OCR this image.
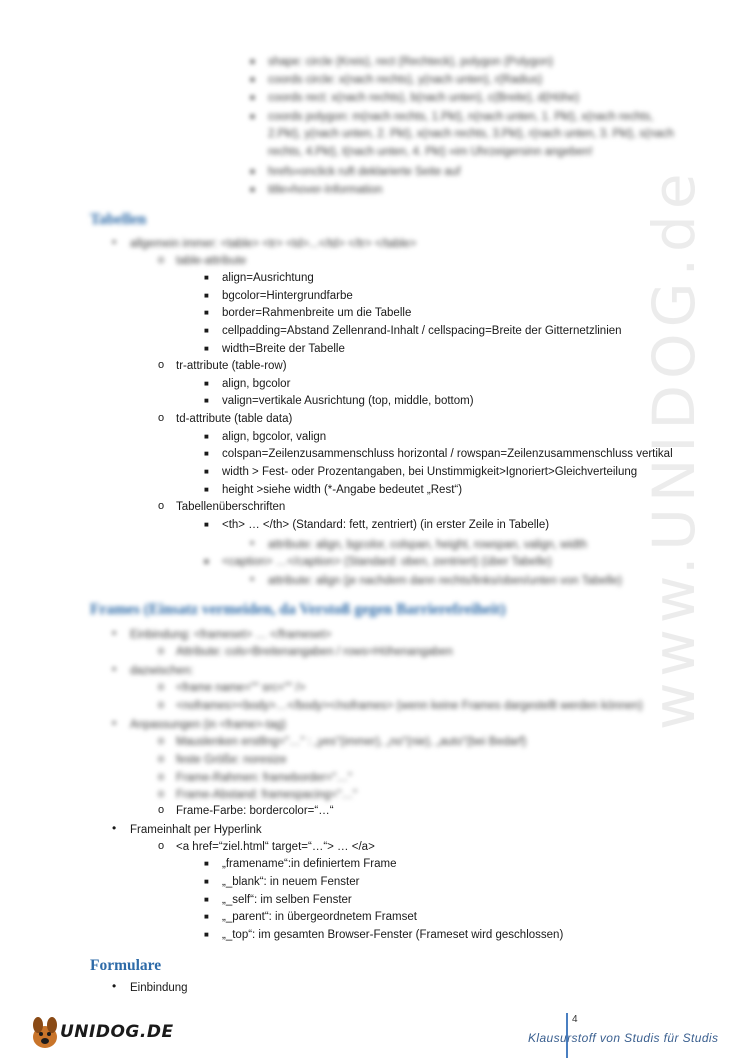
www.UNIDOG.de
■ shape: circle (Kreis), rect (Rechteck), polygon (Polygon)
■ coords circle: x(nach rechts), y(nach unten), r(Radius)
■ coords rect: x(nach rechts), b(nach unten), c(Breite), d(Höhe)
■ coords polygon: m(nach rechts, 1.Pkt), n(nach unten, 1. Pkt), x(nach rechts,
2.Pkt), y(nach unten, 2. Pkt), x(nach rechts, 3.Pkt), r(nach unten, 3. Pkt), s(nach
rechts, 4.Pkt), t(nach unten, 4. Pkt) »im Uhrzeigersinn angeben!
■ hrefs»onclick ruft deklarierte Seite auf
■ title»hover-Information
Tabellen
• allgemein immer: <table> <tr> <td>...</td> </tr> </table>
o table-attribute
■ align=Ausrichtung
■ bgcolor=Hintergrundfarbe
■ border=Rahmenbreite um die Tabelle
■ cellpadding=Abstand Zellenrand-Inhalt / cellspacing=Breite der Gitternetzlinien
■ width=Breite der Tabelle
o tr-attribute (table-row)
■ align, bgcolor
■ valign=vertikale Ausrichtung (top, middle, bottom)
o td-attribute (table data)
■ align, bgcolor, valign
■ colspan=Zeilenzusammenschluss horizontal / rowspan=Zeilenzusammenschluss vertikal
■ width > Fest- oder Prozentangaben, bei Unstimmigkeit>Ignoriert>Gleichverteilung
■ height >siehe width (*-Angabe bedeutet „Rest“)
o Tabellenüberschriften
■ <th> … </th> (Standard: fett, zentriert) (in erster Zeile in Tabelle)
• attribute: align, bgcolor, colspan, height, rowspan, valign, width
■ <caption> …</caption> (Standard: oben, zentriert) (über Tabelle)
• attribute: align (je nachdem dann rechts/links/oben/unten von Tabelle)
Frames (Einsatz vermeiden, da Verstoß gegen Barrierefreiheit)
• Einbindung: <frameset> … </frameset>
o Attribute: cols=Breitenangaben / rows=Höhenangaben
• dazwischen:
o <frame name="" src="" />
o <noframes><body>…</body></noframes> (wenn keine Frames dargestellt werden können)
• Anpassungen (in <frame>-tag)
o Mauslenken erstllng="…" : „yes"(immer), „no"(nie), „auto"(bei Bedarf)
o feste Größe: noresize
o Frame-Rahmen: frameborder="…"
o Frame-Abstand: framespacing="…"
o Frame-Farbe: bordercolor=“…“
• Frameinhalt per Hyperlink
o <a href=“ziel.html“ target=“…“> … </a>
■ „framename“:in definiertem Frame
■ „_blank“: in neuem Fenster
■ „_self“: im selben Fenster
■ „_parent“: in übergeordnetem Framset
■ „_top“: im gesamten Browser-Fenster (Frameset wird geschlossen)
Formulare
• Einbindung
UNIDOG.DE
4
Klausurstoff von Studis für Studis
